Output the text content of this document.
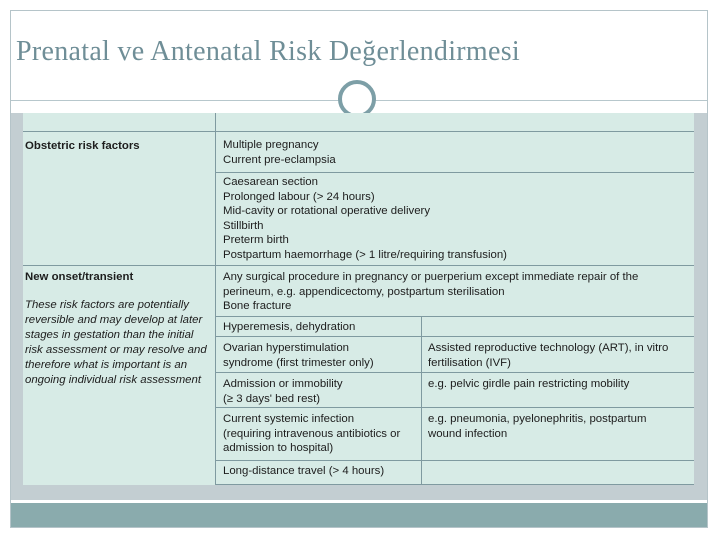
Prenatal ve Antenatal Risk Değerlendirmesi
Obstetric risk factors
New onset/transient
These risk factors are potentially
reversible and may develop at later
stages in gestation than the initial
risk assessment or may resolve and
therefore what is important is an
ongoing individual risk assessment
Multiple pregnancy
Current pre-eclampsia
Caesarean section
Prolonged labour (> 24 hours)
Mid-cavity or rotational operative delivery
Stillbirth
Preterm birth
Postpartum haemorrhage (> 1 litre/requiring transfusion)
Any surgical procedure in pregnancy or puerperium except immediate repair of the
perineum, e.g. appendicectomy, postpartum sterilisation
Bone fracture
Hyperemesis, dehydration
Ovarian hyperstimulation
syndrome (first trimester only)
Assisted reproductive technology (ART), in vitro
fertilisation (IVF)
Admission or immobility
(≥ 3 days' bed rest)
e.g. pelvic girdle pain restricting mobility
Current systemic infection
(requiring intravenous antibiotics or
admission to hospital)
e.g. pneumonia, pyelonephritis, postpartum
wound infection
Long-distance travel (> 4 hours)
